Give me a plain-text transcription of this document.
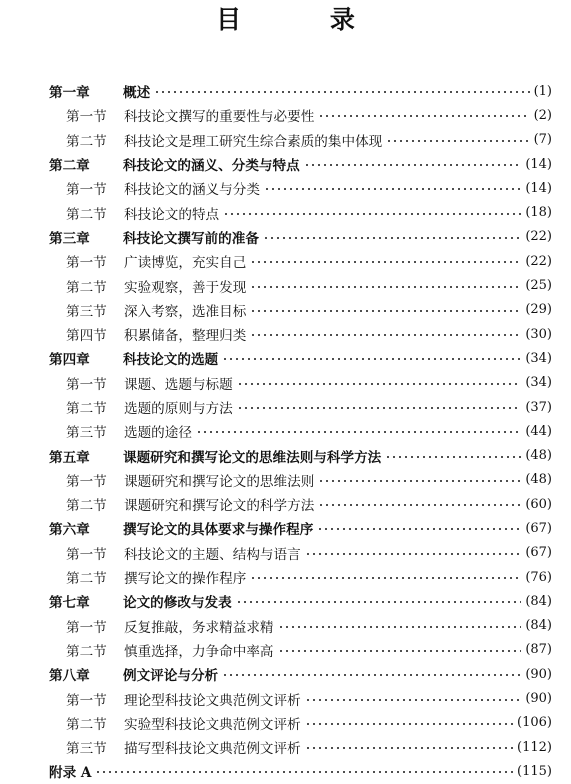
目 录
第一章 概述	(1)
第一节 科技论文撰写的重要性与必要性	(2)
第二节 科技论文是理工研究生综合素质的集中体现	(7)
第二章 科技论文的涵义、分类与特点	(14)
第一节 科技论文的涵义与分类	(14)
第二节 科技论文的特点	(18)
第三章 科技论文撰写前的准备	(22)
第一节 广读博览，充实自己	(22)
第二节 实验观察，善于发现	(25)
第三节 深入考察，选准目标	(29)
第四节 积累储备，整理归类	(30)
第四章 科技论文的选题	(34)
第一节 课题、选题与标题	(34)
第二节 选题的原则与方法	(37)
第三节 选题的途径	(44)
第五章 课题研究和撰写论文的思维法则与科学方法	(48)
第一节 课题研究和撰写论文的思维法则	(48)
第二节 课题研究和撰写论文的科学方法	(60)
第六章 撰写论文的具体要求与操作程序	(67)
第一节 科技论文的主题、结构与语言	(67)
第二节 撰写论文的操作程序	(76)
第七章 论文的修改与发表	(84)
第一节 反复推敲，务求精益求精	(84)
第二节 慎重选择，力争命中率高	(87)
第八章 例文评论与分析	(90)
第一节 理论型科技论文典范例文评析	(90)
第二节 实验型科技论文典范例文评析	(106)
第三节 描写型科技论文典范例文评析	(112)
附录 A	(115)
